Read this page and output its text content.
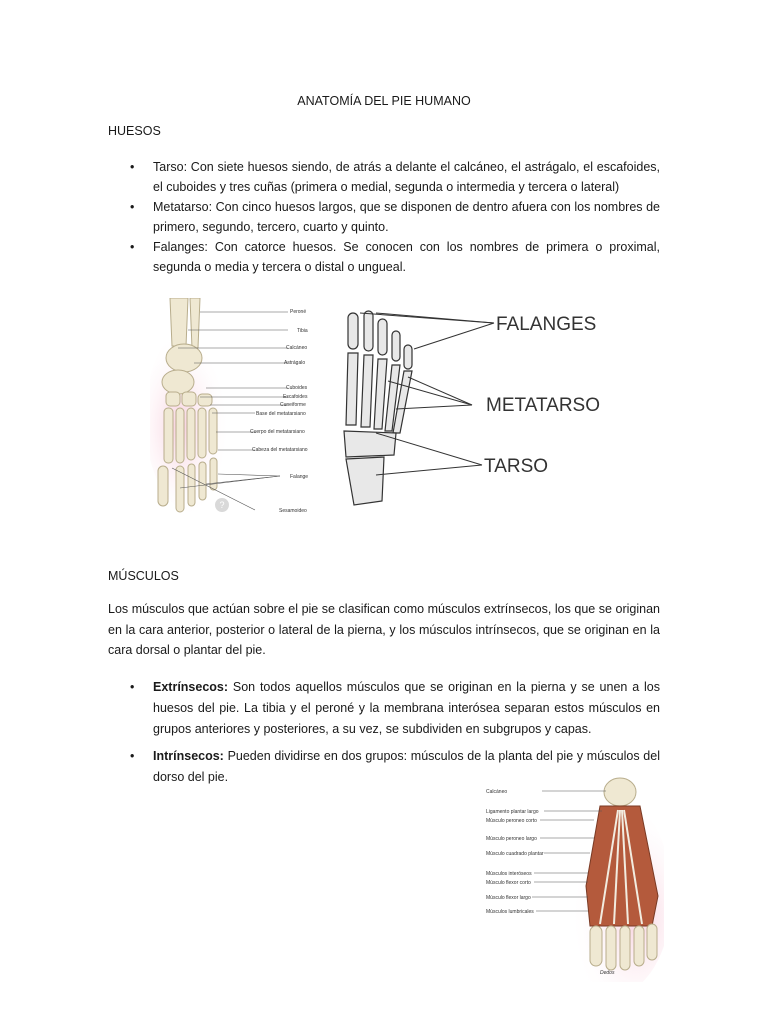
ANATOMÍA DEL PIE HUMANO
HUESOS
• Tarso: Con siete huesos siendo, de atrás a delante el calcáneo, el astrágalo, el escafoides, el cuboides y tres cuñas (primera o medial, segunda o intermedia y tercera o lateral)
• Metatarso: Con cinco huesos largos, que se disponen de dentro afuera con los nombres de primero, segundo, tercero, cuarto y quinto.
• Falanges: Con catorce huesos. Se conocen con los nombres de primera o proximal, segunda o media y tercera o distal o ungueal.
?
Peroné
Tibia
Calcáneo
Astrágalo
Cuboides
Escafoides
Cuneiforme
Base del metatarsiano
Cuerpo del metatarsiano
Cabeza del metatarsiano
Falange
Sesamoideo
FALANGES
METATARSO
TARSO
MÚSCULOS

Los músculos que actúan sobre el pie se clasifican como músculos extrínsecos, los que se originan en la cara anterior, posterior o lateral de la pierna, y los músculos intrínsecos, que se originan en la cara dorsal o plantar del pie.

• Extrínsecos: Son todos aquellos músculos que se originan en la pierna y se unen a los huesos del pie. La tibia y el peroné y la membrana interósea separan estos músculos en grupos anteriores y posteriores, a su vez, se subdividen en subgrupos y capas.
• Intrínsecos: Pueden dividirse en dos grupos: músculos de la planta del pie y músculos del dorso del pie.
Calcáneo
Ligamento plantar largo
Músculo peroneo corto
Músculo peroneo largo
Músculo cuadrado plantar
Músculos interóseos
Músculo flexor corto
Músculo flexor largo
Músculos lumbricales
Dedos
